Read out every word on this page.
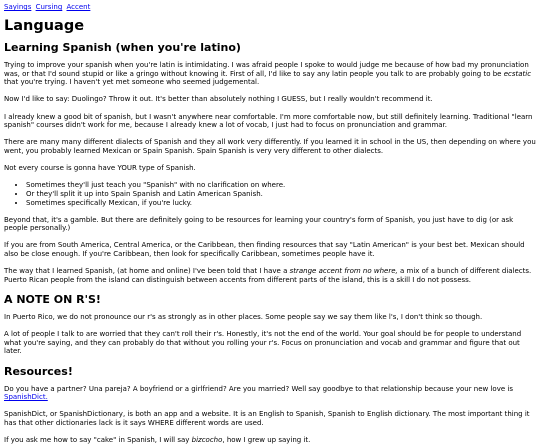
Sayings Cursing Accent
Language
Learning Spanish (when you're latino)

Trying to improve your spanish when you're latin is intimidating. I was afraid people I spoke to would judge me because of how bad my pronunciation was, or that I'd sound stupid or like a gringo without knowing it. First of all, I'd like to say any latin people you talk to are probably going to be ecstatic that you're trying. I haven't yet met someone who seemed judgemental.

Now I'd like to say: Duolingo? Throw it out. It's better than absolutely nothing I GUESS, but I really wouldn't recommend it.

I already knew a good bit of spanish, but I wasn't anywhere near comfortable. I'm more comfortable now, but still definitely learning. Traditional "learn spanish" courses didn't work for me, because I already knew a lot of vocab, I just had to focus on pronunciation and grammar.

There are many many different dialects of Spanish and they all work very differently. If you learned it in school in the US, then depending on where you went, you probably learned Mexican or Spain Spanish. Spain Spanish is very very different to other dialects.

Not every course is gonna have YOUR type of Spanish.

• Sometimes they'll just teach you "Spanish" with no clarification on where.
• Or they'll split it up into Spain Spanish and Latin American Spanish.
• Sometimes specifically Mexican, if you're lucky.

Beyond that, it's a gamble. But there are definitely going to be resources for learning your country's form of Spanish, you just have to dig (or ask people personally.)

If you are from South America, Central America, or the Caribbean, then finding resources that say "Latin American" is your best bet. Mexican should also be close enough. If you're Caribbean, then look for specifically Caribbean, sometimes people have it.

The way that I learned Spanish, (at home and online) I've been told that I have a strange accent from no where, a mix of a bunch of different dialects. Puerto Rican people from the island can distinguish between accents from different parts of the island, this is a skill I do not possess.

A NOTE ON R'S!

In Puerto Rico, we do not pronounce our r's as strongly as in other places. Some people say we say them like l's, I don't think so though.

A lot of people I talk to are worried that they can't roll their r's. Honestly, it's not the end of the world. Your goal should be for people to understand what you're saying, and they can probably do that without you rolling your r's. Focus on pronunciation and vocab and grammar and figure that out later.

Resources!

Do you have a partner? Una pareja? A boyfriend or a girlfriend? Are you married? Well say goodbye to that relationship because your new love is SpanishDict.

SpanishDict, or SpanishDictionary, is both an app and a website. It is an English to Spanish, Spanish to English dictionary. The most important thing it has that other dictionaries lack is it says WHERE different words are used.

If you ask me how to say "cake" in Spanish, I will say bizcocho, how I grew up saying it.
